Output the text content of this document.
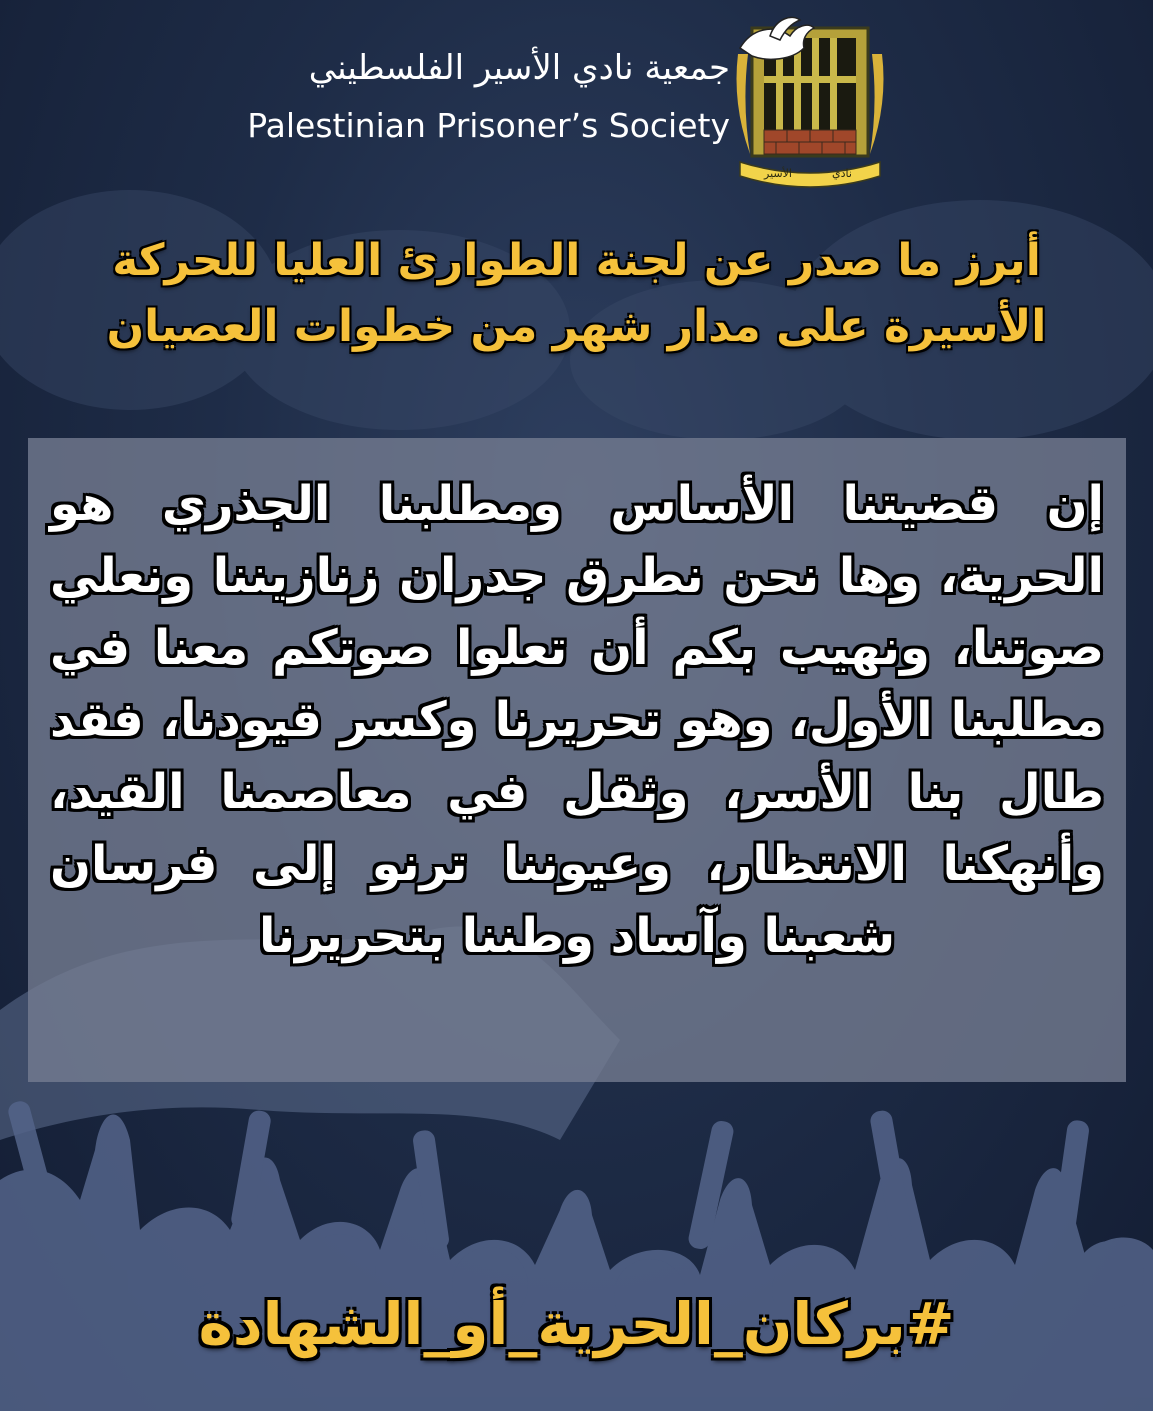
جمعية نادي الأسير الفلسطيني
Palestinian Prisoner’s Society
نادي
الأسير
أبرز ما صدر عن لجنة الطوارئ العليا للحركة
الأسيرة على مدار شهر من خطوات العصيان

إن قضيتنا الأساس ومطلبنا الجذري هو الحرية، وها نحن نطرق جدران زنازيننا ونعلي صوتنا، ونهيب بكم أن تعلوا صوتكم معنا في مطلبنا الأول، وهو تحريرنا وكسر قيودنا، فقد طال بنا الأسر، وثقل في معاصمنا القيد، وأنهكنا الانتظار، وعيوننا ترنو إلى فرسان شعبنا وآساد وطننا بتحريرنا

#بركان_الحرية_أو_الشهادة
